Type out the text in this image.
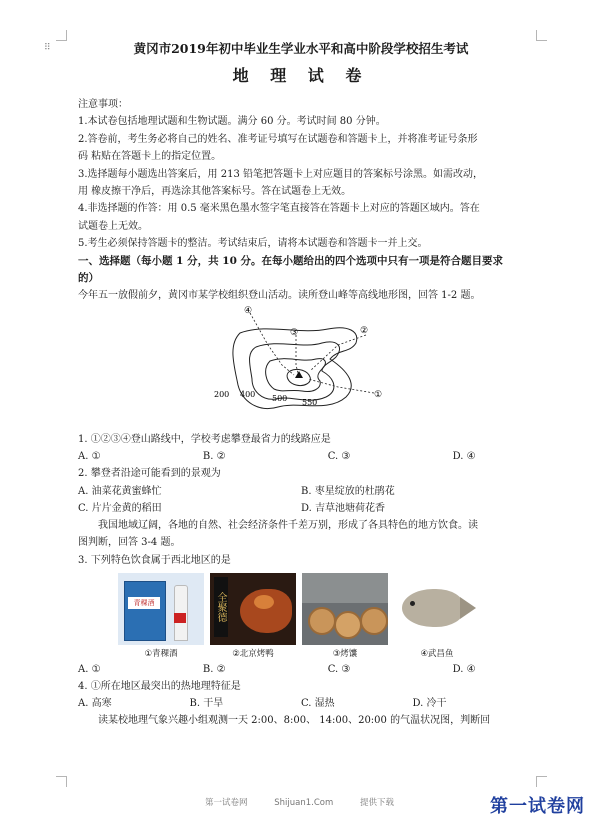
⠿	黄冈市2019年初中毕业生学业水平和高中阶段学校招生考试
地 理 试 卷

注意事项：

1.本试卷包括地理试题和生物试题。满分 60 分。考试时间 80 分钟。

2.答卷前，考生务必将自己的姓名、准考证号填写在试题卷和答题卡上，并将准考证号条形

码 粘贴在答题卡上的指定位置。

3.选择题每小题选出答案后，用 213 铅笔把答题卡上对应题目的答案标号涂黑。如需改动，

用 橡皮擦干净后，再选涂其他答案标号。答在试题卷上无效。

4.非选择题的作答：用 0.5 毫米黑色墨水签字笔直接答在答题卡上对应的答题区域内。答在

试题卷上无效。

5.考生必须保持答题卡的整洁。考试结束后，请将本试题卷和答题卡一并上交。

一、选择题（每小题 1 分，共 10 分。在每小题给出的四个选项中只有一项是符合题目要求

的）

今年五一放假前夕，黄冈市某学校组织登山活动。读所登山峰等高线地形图，回答 1-2 题。

④
③	②
①
200 400 500 550

1. ①②③④登山路线中，学校考虑攀登最省力的线路应是

A. ①	B. ②	C. ③	D. ④

2. 攀登者沿途可能看到的景观为

A. 油菜花黄蜜蜂忙	B. 枣星绽放的杜鹃花
C. 片片金黄的稻田	D. 吉草池塘荷花香

我国地域辽阔，各地的自然、社会经济条件千差万别，形成了各具特色的地方饮食。读

图判断，回答 3-4 题。

3. 下列特色饮食属于西北地区的是

青稞酒
①青稞酒
全聚德
②北京烤鸭	③烤馕	④武昌鱼
A. ①	B. ②	C. ③	D. ④

4. ①所在地区最突出的热地理特征是

A. 高寒	B. 干旱	C. 湿热	D. 冷干

读某校地理气象兴趣小组观测一天 2:00、8:00、 14:00、20:00 的气温状况图，判断回

第一试卷网	Shijuan1.Com	提供下载	第一试卷网
